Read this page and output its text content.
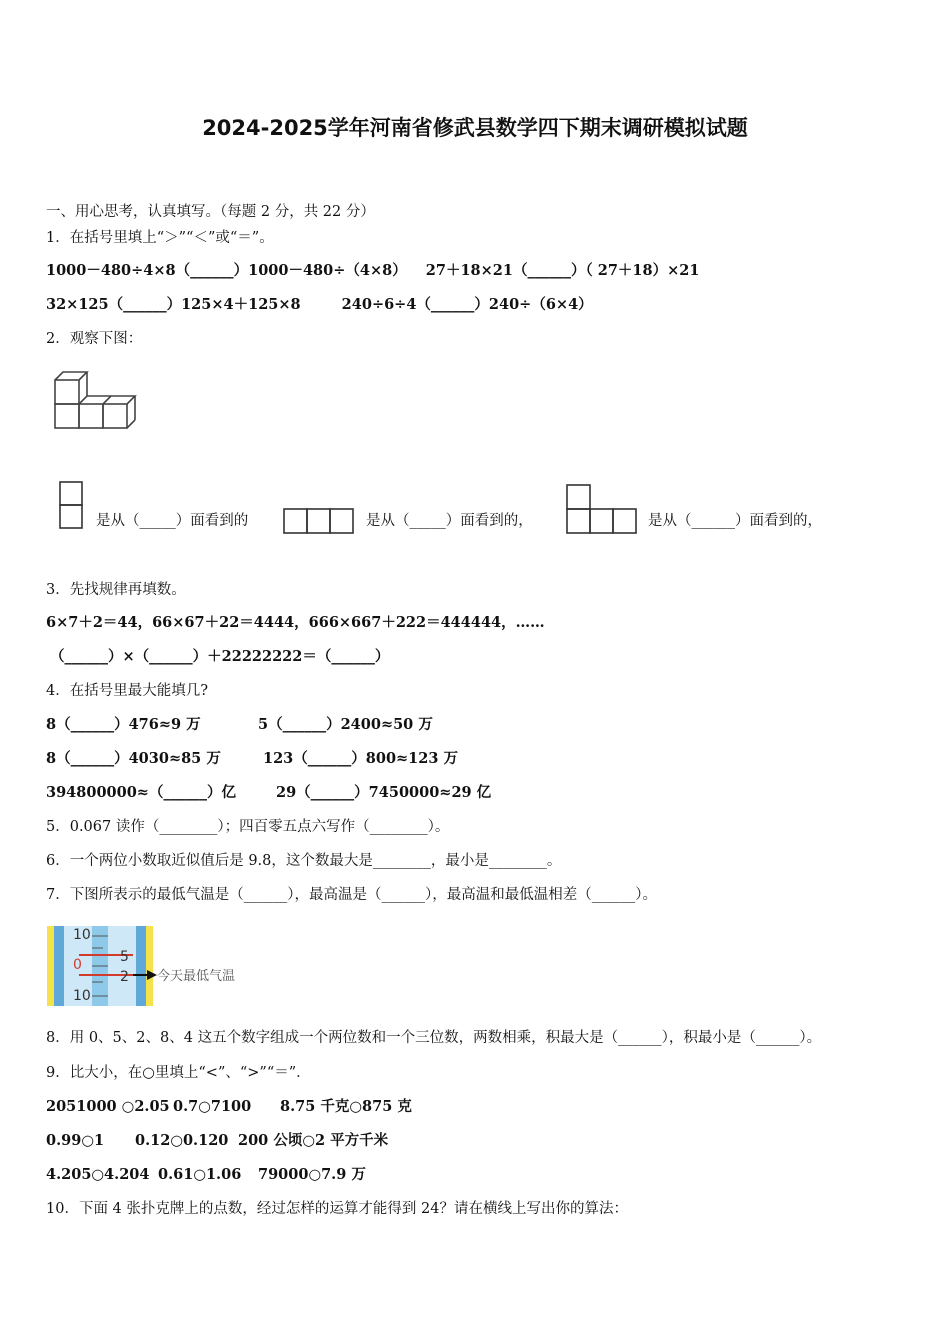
2024-2025学年河南省修武县数学四下期末调研模拟试题
一、用心思考，认真填写。（每题 2 分，共 22 分）
1．在括号里填上“＞”“＜”或“＝”。
1000－480÷4×8（______）1000－480÷（4×8） 27＋18×21（______）（ 27＋18）×21
32×125（______）125×4＋125×8	240÷6÷4（______）240÷（6×4）
2．观察下图：
是从（_____）面看到的	是从（_____）面看到的，	是从（______）面看到的，
3．先找规律再填数。
6×7＋2＝44，66×67＋22＝4444，666×667＋222＝444444，……
（______）×（______）＋22222222＝（______）
4．在括号里最大能填几?
8（______）476≈9 万	5（______）2400≈50 万
8（______）4030≈85 万	123（______）800≈123 万
394800000≈（______）亿	29（______）7450000≈29 亿
5．0.067 读作（________）；四百零五点六写作（________）。
6．一个两位小数取近似值后是 9.8，这个数最大是________，最小是________。
7．下图所表示的最低气温是（______），最高温是（______），最高温和最低温相差（______）。
10
0
10
5
2 今天最低气温
8．用 0、5、2、8、4 这五个数字组成一个两位数和一个三位数，两数相乘，积最大是（______），积最小是（______）。
9．比大小，在○里填上“<”、“>”“＝”．
2051000 ○2.05 0.7○7100 8.75 千克○875 克
0.99○1 0.12○0.120 200 公顷○2 平方千米
4.205○4.204 0.61○1.06 79000○7.9 万
10．下面 4 张扑克牌上的点数，经过怎样的运算才能得到 24？请在横线上写出你的算法：
